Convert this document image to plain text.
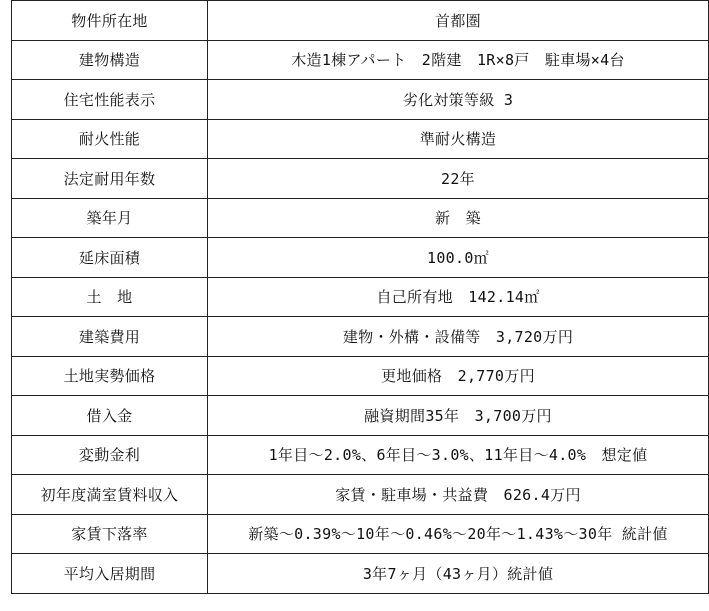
物件所在地	首都圏
建物構造	木造1棟アパート　2階建　1R×8戸　駐車場×4台
住宅性能表示	劣化対策等級 3
耐火性能	準耐火構造
法定耐用年数	22年
築年月	新　築
延床面積	100.0㎡
土　地	自己所有地　142.14㎡
建築費用	建物・外構・設備等　3,720万円
土地実勢価格	更地価格　2,770万円
借入金	融資期間35年　3,700万円
変動金利	1年目～2.0%、6年目～3.0%、11年目～4.0%　想定値
初年度満室賃料収入	家賃・駐車場・共益費　626.4万円
家賃下落率	新築～0.39%～10年～0.46%～20年～1.43%～30年 統計値
平均入居期間	3年7ヶ月（43ヶ月）統計値
